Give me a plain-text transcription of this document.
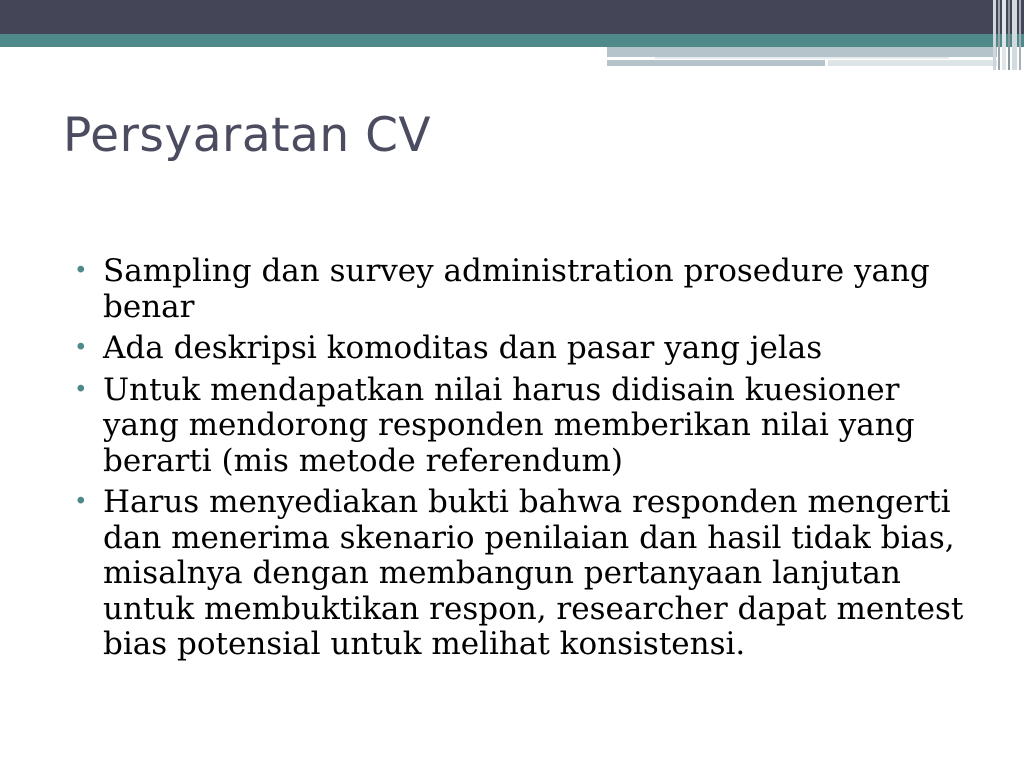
Persyaratan CV
• Sampling dan survey administration prosedure yang benar
• Ada deskripsi komoditas dan pasar yang jelas
• Untuk mendapatkan nilai harus didisain kuesioner yang mendorong responden memberikan nilai yang berarti (mis metode referendum)
• Harus menyediakan bukti bahwa responden mengerti dan menerima skenario penilaian dan hasil tidak bias, misalnya dengan membangun pertanyaan lanjutan untuk membuktikan respon, researcher dapat mentest bias potensial untuk melihat konsistensi.
